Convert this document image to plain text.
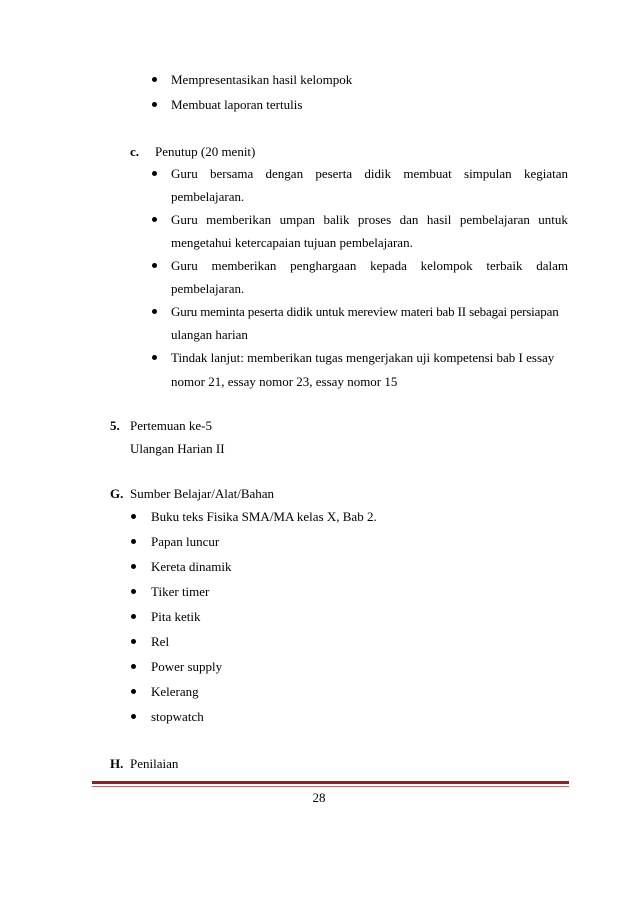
Mempresentasikan hasil kelompok
Membuat laporan tertulis
c. Penutup (20 menit)
Guru bersama dengan peserta didik membuat simpulan kegiatan
pembelajaran.
Guru memberikan umpan balik proses dan hasil pembelajaran untuk
mengetahui ketercapaian tujuan pembelajaran.
Guru memberikan penghargaan kepada kelompok terbaik dalam
pembelajaran.
Guru meminta peserta didik untuk mereview materi bab II sebagai persiapan
ulangan harian
Tindak lanjut: memberikan tugas mengerjakan uji kompetensi bab I essay
nomor 21, essay nomor 23, essay nomor 15
5. Pertemuan ke-5
Ulangan Harian II
G. Sumber Belajar/Alat/Bahan
Buku teks Fisika SMA/MA kelas X, Bab 2.
Papan luncur
Kereta dinamik
Tiker timer
Pita ketik
Rel
Power supply
Kelerang
stopwatch
H. Penilaian
28
